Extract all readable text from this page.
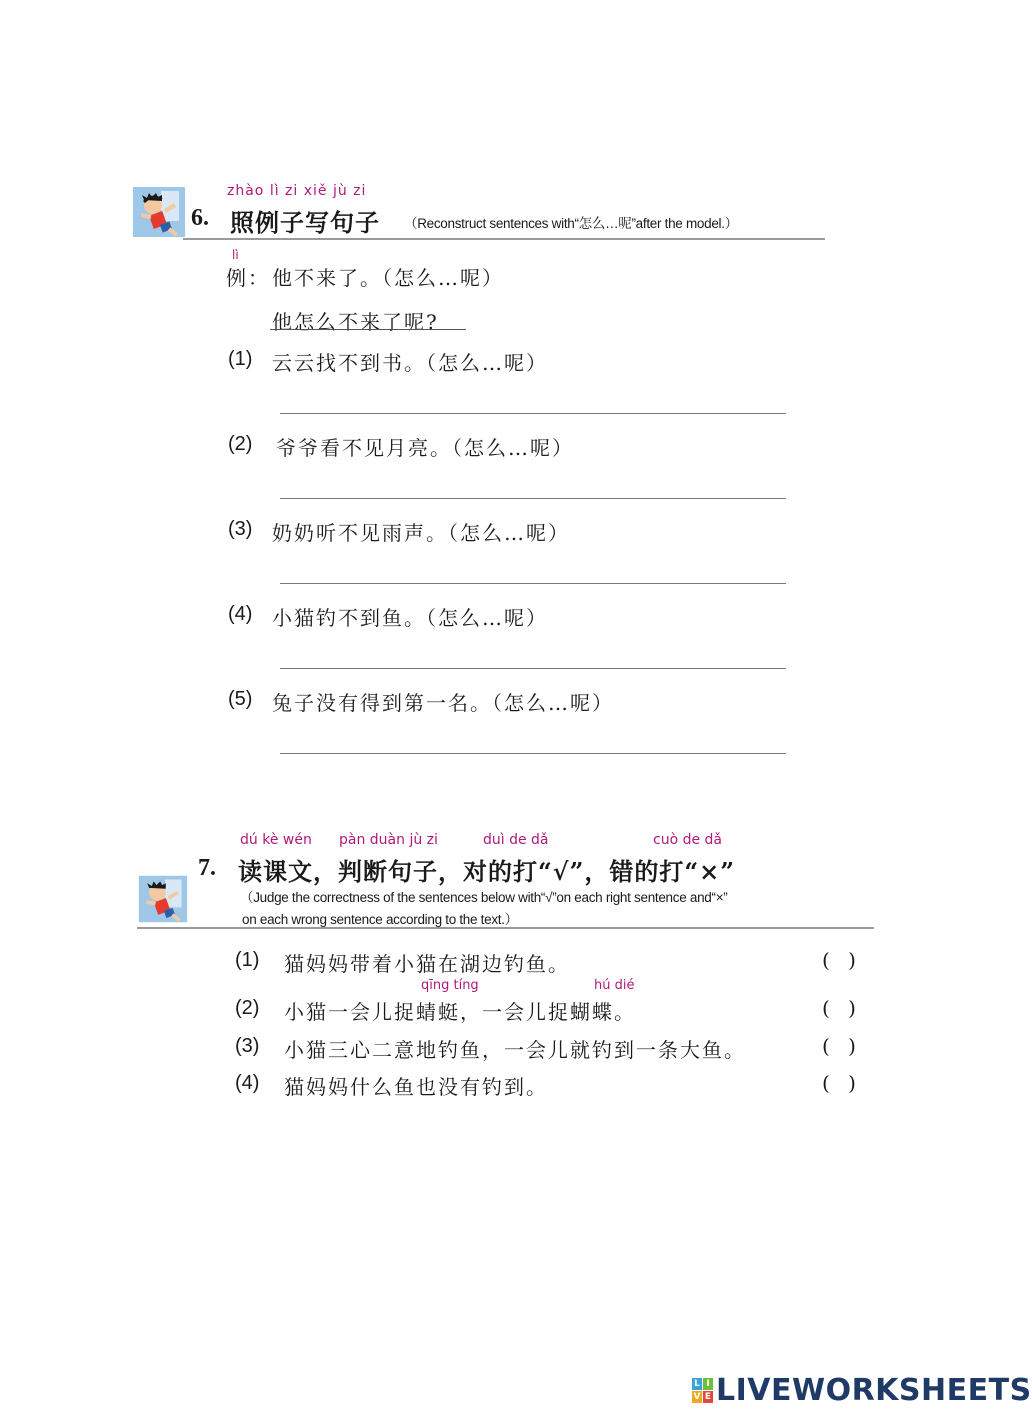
zhào lì zi xiě jù zi
6. 照例子写句子 （Reconstruct sentences with“怎么…呢”after the model.）
lì
例： 他不来了。（怎么…呢）
他怎么不来了呢?
(1) 云云找不到书。（怎么…呢）
(2) 爷爷看不见月亮。（怎么…呢）
(3) 奶奶听不见雨声。（怎么…呢）
(4) 小猫钓不到鱼。（怎么…呢）
(5) 兔子没有得到第一名。（怎么…呢）
dú kè wén pàn duàn jù zi	duì de dǎ	cuò de dǎ
7. 读课文，判断句子，对的打“√”，错的打“×”
（Judge the correctness of the sentences below with“√”on each right sentence and“×”
on each wrong sentence according to the text.）
(1) 猫妈妈带着小猫在湖边钓鱼。	( )
qīng tíng	hú dié
(2) 小猫一会儿捉蜻蜓，一会儿捉蝴蝶。	( )
(3) 小猫三心二意地钓鱼，一会儿就钓到一条大鱼。	( )
(4) 猫妈妈什么鱼也没有钓到。	( )
L I
V E LIVEWORKSHEETS
